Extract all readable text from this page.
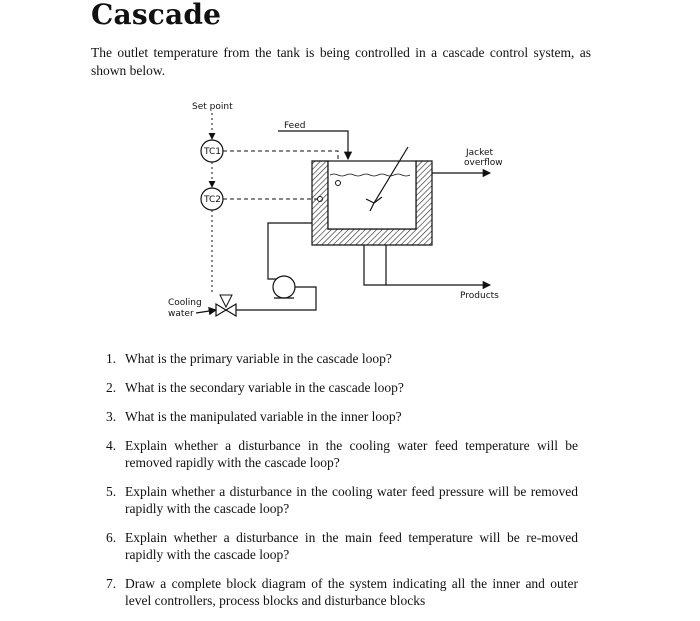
Cascade

The outlet temperature from the tank is being controlled in a cascade control system, as shown below.

Set point
TC1
TC2
Feed
Jacket
overflow
Products
Cooling
water
1. What is the primary variable in the cascade loop?
2. What is the secondary variable in the cascade loop?
3. What is the manipulated variable in the inner loop?
4. Explain whether a disturbance in the cooling water feed temperature will be removed rapidly with the cascade loop?
5. Explain whether a disturbance in the cooling water feed pressure will be removed rapidly with the cascade loop?
6. Explain whether a disturbance in the main feed temperature will be re-moved rapidly with the cascade loop?
7. Draw a complete block diagram of the system indicating all the inner and outer level controllers, process blocks and disturbance blocks
